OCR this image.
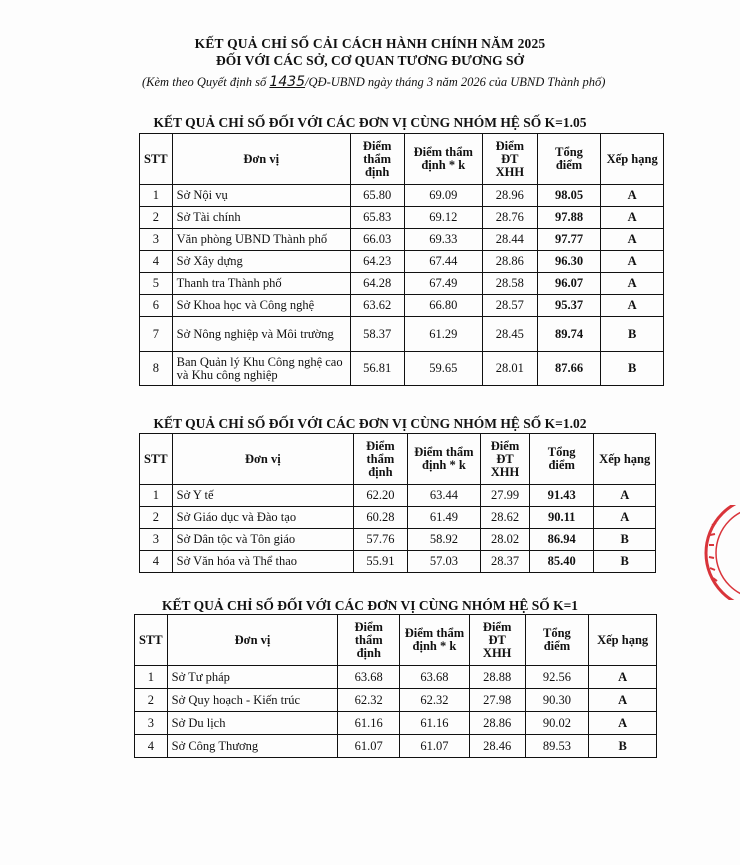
KẾT QUẢ CHỈ SỐ CẢI CÁCH HÀNH CHÍNH NĂM 2025
ĐỐI VỚI CÁC SỞ, CƠ QUAN TƯƠNG ĐƯƠNG SỞ
(Kèm theo Quyết định số 1435/QĐ-UBND ngày tháng 3 năm 2026 của UBND Thành phố)
KẾT QUẢ CHỈ SỐ ĐỐI VỚI CÁC ĐƠN VỊ CÙNG NHÓM HỆ SỐ K=1.05
STT	Đơn vị	Điểm thẩm định	Điểm thẩm định * k	Điểm ĐT XHH	Tổng điểm	Xếp hạng
1	Sở Nội vụ	65.80	69.09	28.96	98.05	A
2	Sở Tài chính	65.83	69.12	28.76	97.88	A
3	Văn phòng UBND Thành phố	66.03	69.33	28.44	97.77	A
4	Sở Xây dựng	64.23	67.44	28.86	96.30	A
5	Thanh tra Thành phố	64.28	67.49	28.58	96.07	A
6	Sở Khoa học và Công nghệ	63.62	66.80	28.57	95.37	A
7	Sở Nông nghiệp và Môi trường	58.37	61.29	28.45	89.74	B
8	Ban Quản lý Khu Công nghệ cao và Khu công nghiệp	56.81	59.65	28.01	87.66	B
KẾT QUẢ CHỈ SỐ ĐỐI VỚI CÁC ĐƠN VỊ CÙNG NHÓM HỆ SỐ K=1.02
STT	Đơn vị	Điểm thẩm định	Điểm thẩm định * k	Điểm ĐT XHH	Tổng điểm	Xếp hạng
1	Sở Y tế	62.20	63.44	27.99	91.43	A
2	Sở Giáo dục và Đào tạo	60.28	61.49	28.62	90.11	A
3	Sở Dân tộc và Tôn giáo	57.76	58.92	28.02	86.94	B
4	Sở Văn hóa và Thể thao	55.91	57.03	28.37	85.40	B
KẾT QUẢ CHỈ SỐ ĐỐI VỚI CÁC ĐƠN VỊ CÙNG NHÓM HỆ SỐ K=1
STT	Đơn vị	Điểm thẩm định	Điểm thẩm định * k	Điểm ĐT XHH	Tổng điểm	Xếp hạng
1	Sở Tư pháp	63.68	63.68	28.88	92.56	A
2	Sở Quy hoạch - Kiến trúc	62.32	62.32	27.98	90.30	A
3	Sở Du lịch	61.16	61.16	28.86	90.02	A
4	Sở Công Thương	61.07	61.07	28.46	89.53	B
